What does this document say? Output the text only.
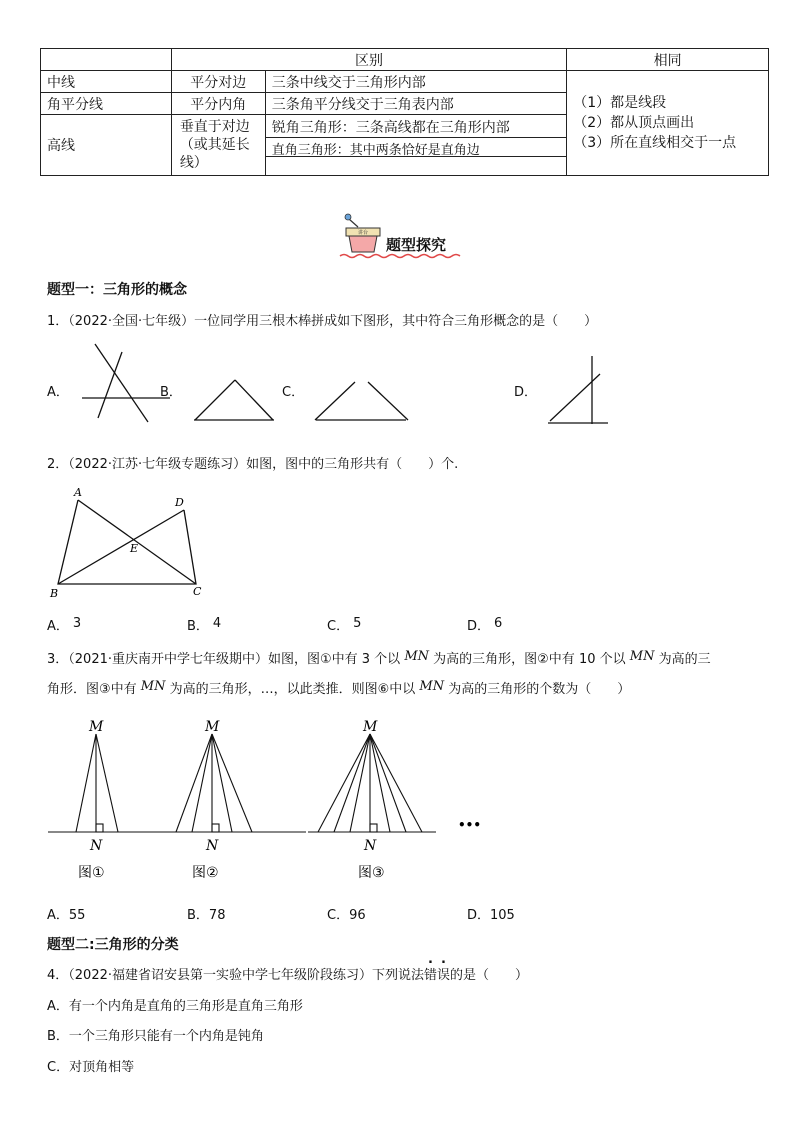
	区别		相同
中线	平分对边	三条中线交于三角形内部	（1）都是线段
（2）都从顶点画出
（3）所在直线相交于一点

角平分线	平分内角	三条角平分线交于三角表内部	
高线	垂直于对边（或其延长线）	锐角三角形：三条高线都在三角形内部
直角三角形：其中两条恰好是直角边	
讲台
题型探究
题型一：三角形的概念
1．（2022·全国·七年级）一位同学用三根木棒拼成如下图形，其中符合三角形概念的是（　　）
A．	B．	C．	D．
2．（2022·江苏·七年级专题练习）如图，图中的三角形共有（　　）个.
A
B	C
D
E
A． 3	B． 4	C． 5	D． 6
3．（2021·重庆南开中学七年级期中）如图，图①中有 3 个以 MN 为高的三角形，图②中有 10 个以 MN 为高的三
角形．图③中有 MN 为高的三角形，…，以此类推．则图⑥中以 MN 为高的三角形的个数为（　　）
M
N
M
N
M
N
图①	图②	图③
•••
A．55	B．78	C．96	D．105
题型二:三角形的分类
4．（2022·福建省诏安县第一实验中学七年级阶段练习）下列说法错误的是（　　）
A．有一个内角是直角的三角形是直角三角形
B．一个三角形只能有一个内角是钝角
C．对顶角相等
